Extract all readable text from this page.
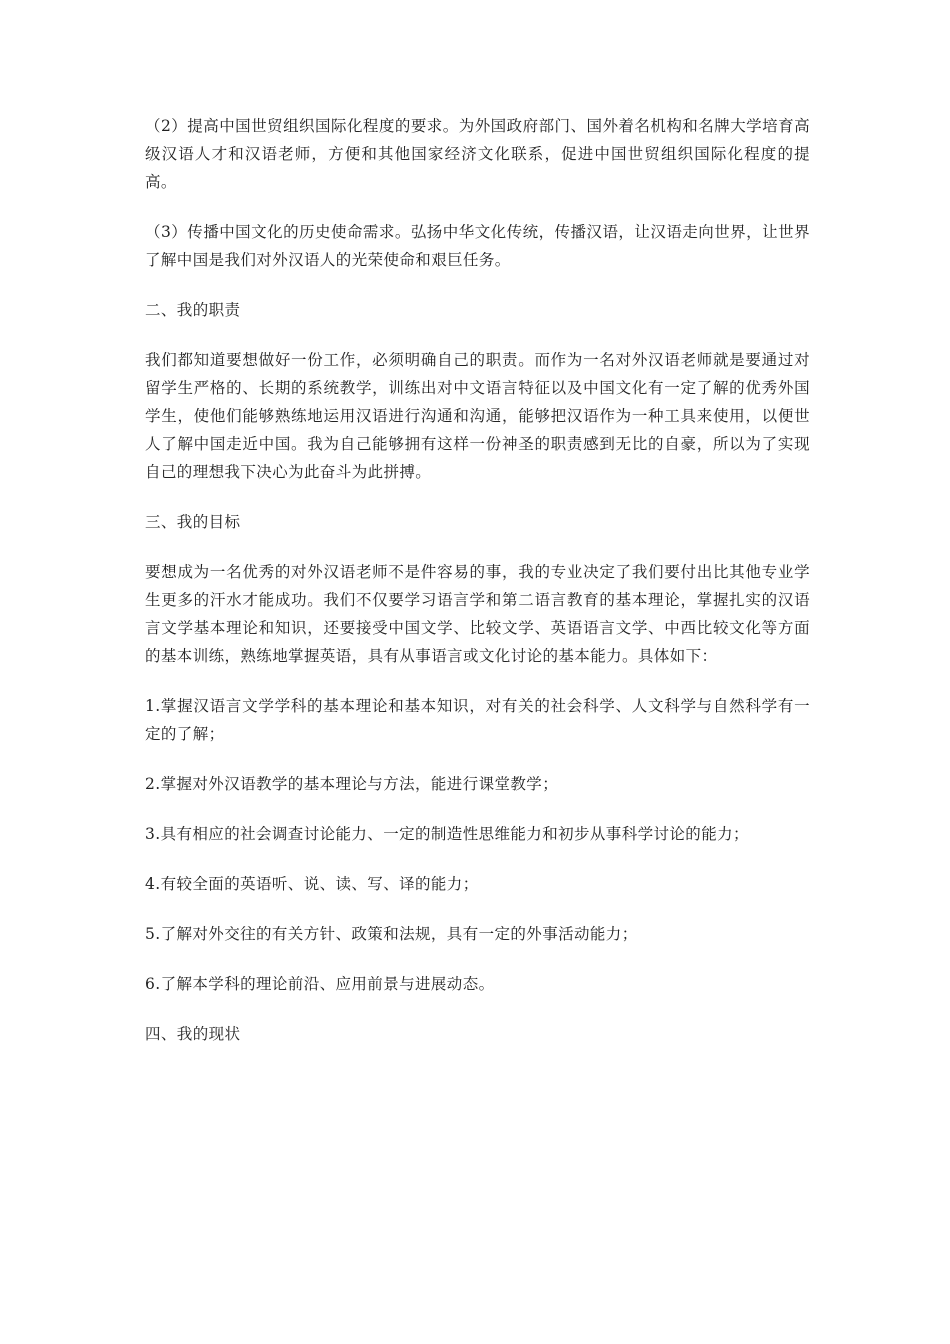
（2）提高中国世贸组织国际化程度的要求。为外国政府部门、国外着名机构和名牌大学培育高级汉语人才和汉语老师，方便和其他国家经济文化联系，促进中国世贸组织国际化程度的提高。

（3）传播中国文化的历史使命需求。弘扬中华文化传统，传播汉语，让汉语走向世界，让世界了解中国是我们对外汉语人的光荣使命和艰巨任务。

二、我的职责

我们都知道要想做好一份工作，必须明确自己的职责。而作为一名对外汉语老师就是要通过对留学生严格的、长期的系统教学，训练出对中文语言特征以及中国文化有一定了解的优秀外国学生，使他们能够熟练地运用汉语进行沟通和沟通，能够把汉语作为一种工具来使用，以便世人了解中国走近中国。我为自己能够拥有这样一份神圣的职责感到无比的自豪，所以为了实现自己的理想我下决心为此奋斗为此拼搏。

三、我的目标

要想成为一名优秀的对外汉语老师不是件容易的事，我的专业决定了我们要付出比其他专业学生更多的汗水才能成功。我们不仅要学习语言学和第二语言教育的基本理论，掌握扎实的汉语言文学基本理论和知识，还要接受中国文学、比较文学、英语语言文学、中西比较文化等方面的基本训练，熟练地掌握英语，具有从事语言或文化讨论的基本能力。具体如下：

1.掌握汉语言文学学科的基本理论和基本知识，对有关的社会科学、人文科学与自然科学有一定的了解；

2.掌握对外汉语教学的基本理论与方法，能进行课堂教学；

3.具有相应的社会调查讨论能力、一定的制造性思维能力和初步从事科学讨论的能力；

4.有较全面的英语听、说、读、写、译的能力；

5.了解对外交往的有关方针、政策和法规，具有一定的外事活动能力；

6.了解本学科的理论前沿、应用前景与进展动态。

四、我的现状
